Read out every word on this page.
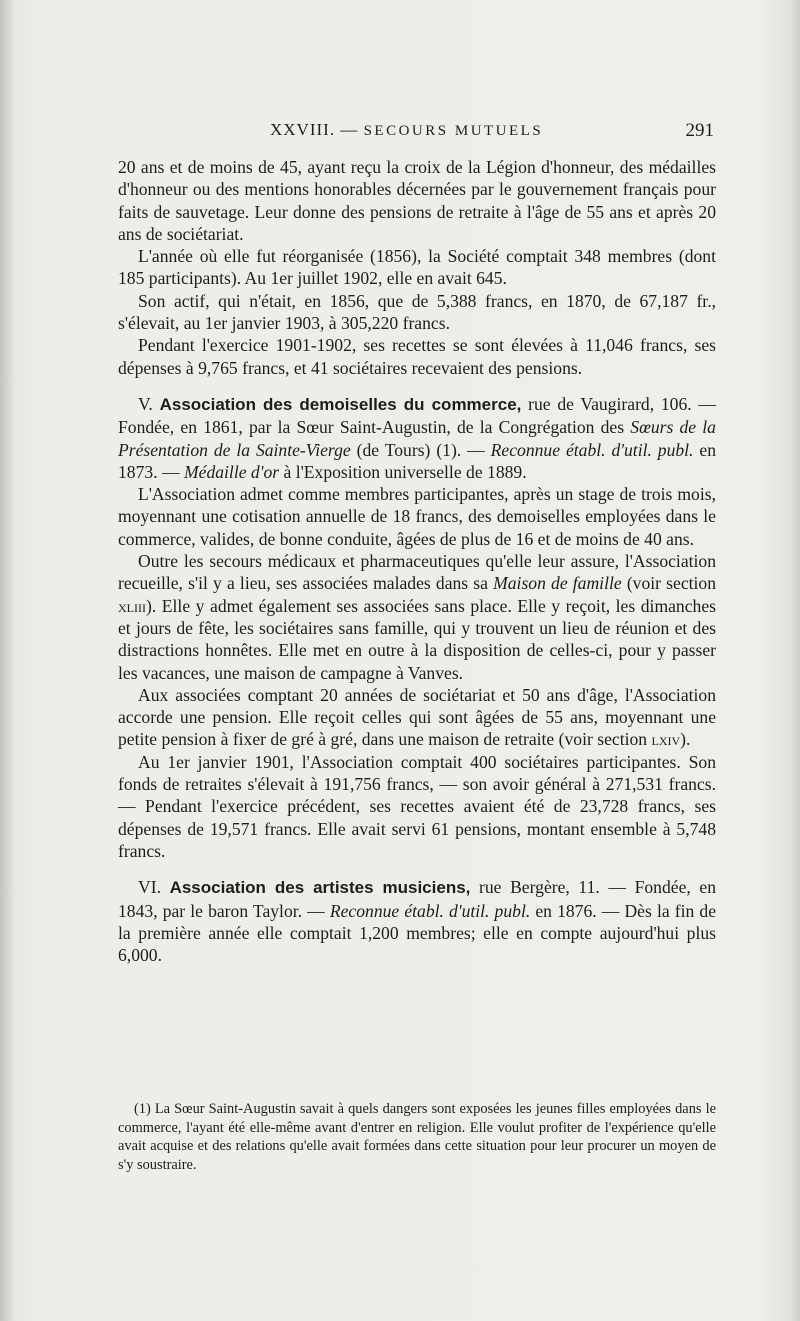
XXVIII. — SECOURS MUTUELS	291

20 ans et de moins de 45, ayant reçu la croix de la Légion d'honneur, des médailles d'honneur ou des mentions honorables décernées par le gouvernement français pour faits de sauvetage. Leur donne des pensions de retraite à l'âge de 55 ans et après 20 ans de sociétariat.

L'année où elle fut réorganisée (1856), la Société comptait 348 membres (dont 185 participants). Au 1er juillet 1902, elle en avait 645.

Son actif, qui n'était, en 1856, que de 5,388 francs, en 1870, de 67,187 fr., s'élevait, au 1er janvier 1903, à 305,220 francs.

Pendant l'exercice 1901-1902, ses recettes se sont élevées à 11,046 francs, ses dépenses à 9,765 francs, et 41 sociétaires recevaient des pensions.

V. Association des demoiselles du commerce, rue de Vaugirard, 106. — Fondée, en 1861, par la Sœur Saint-Augustin, de la Congrégation des Sœurs de la Présentation de la Sainte-Vierge (de Tours) (1). — Reconnue établ. d'util. publ. en 1873. — Médaille d'or à l'Exposition universelle de 1889.

L'Association admet comme membres participantes, après un stage de trois mois, moyennant une cotisation annuelle de 18 francs, des demoiselles employées dans le commerce, valides, de bonne conduite, âgées de plus de 16 et de moins de 40 ans.

Outre les secours médicaux et pharmaceutiques qu'elle leur assure, l'Association recueille, s'il y a lieu, ses associées malades dans sa Maison de famille (voir section xliii). Elle y admet également ses associées sans place. Elle y reçoit, les dimanches et jours de fête, les sociétaires sans famille, qui y trouvent un lieu de réunion et des distractions honnêtes. Elle met en outre à la disposition de celles-ci, pour y passer les vacances, une maison de campagne à Vanves.

Aux associées comptant 20 années de sociétariat et 50 ans d'âge, l'Association accorde une pension. Elle reçoit celles qui sont âgées de 55 ans, moyennant une petite pension à fixer de gré à gré, dans une maison de retraite (voir section lxiv).

Au 1er janvier 1901, l'Association comptait 400 sociétaires participantes. Son fonds de retraites s'élevait à 191,756 francs, — son avoir général à 271,531 francs. — Pendant l'exercice précédent, ses recettes avaient été de 23,728 francs, ses dépenses de 19,571 francs. Elle avait servi 61 pensions, montant ensemble à 5,748 francs.

VI. Association des artistes musiciens, rue Bergère, 11. — Fondée, en 1843, par le baron Taylor. — Reconnue établ. d'util. publ. en 1876. — Dès la fin de la première année elle comptait 1,200 membres; elle en compte aujourd'hui plus 6,000.

(1) La Sœur Saint-Augustin savait à quels dangers sont exposées les jeunes filles employées dans le commerce, l'ayant été elle-même avant d'entrer en religion. Elle voulut profiter de l'expérience qu'elle avait acquise et des relations qu'elle avait formées dans cette situation pour leur procurer un moyen de s'y soustraire.
